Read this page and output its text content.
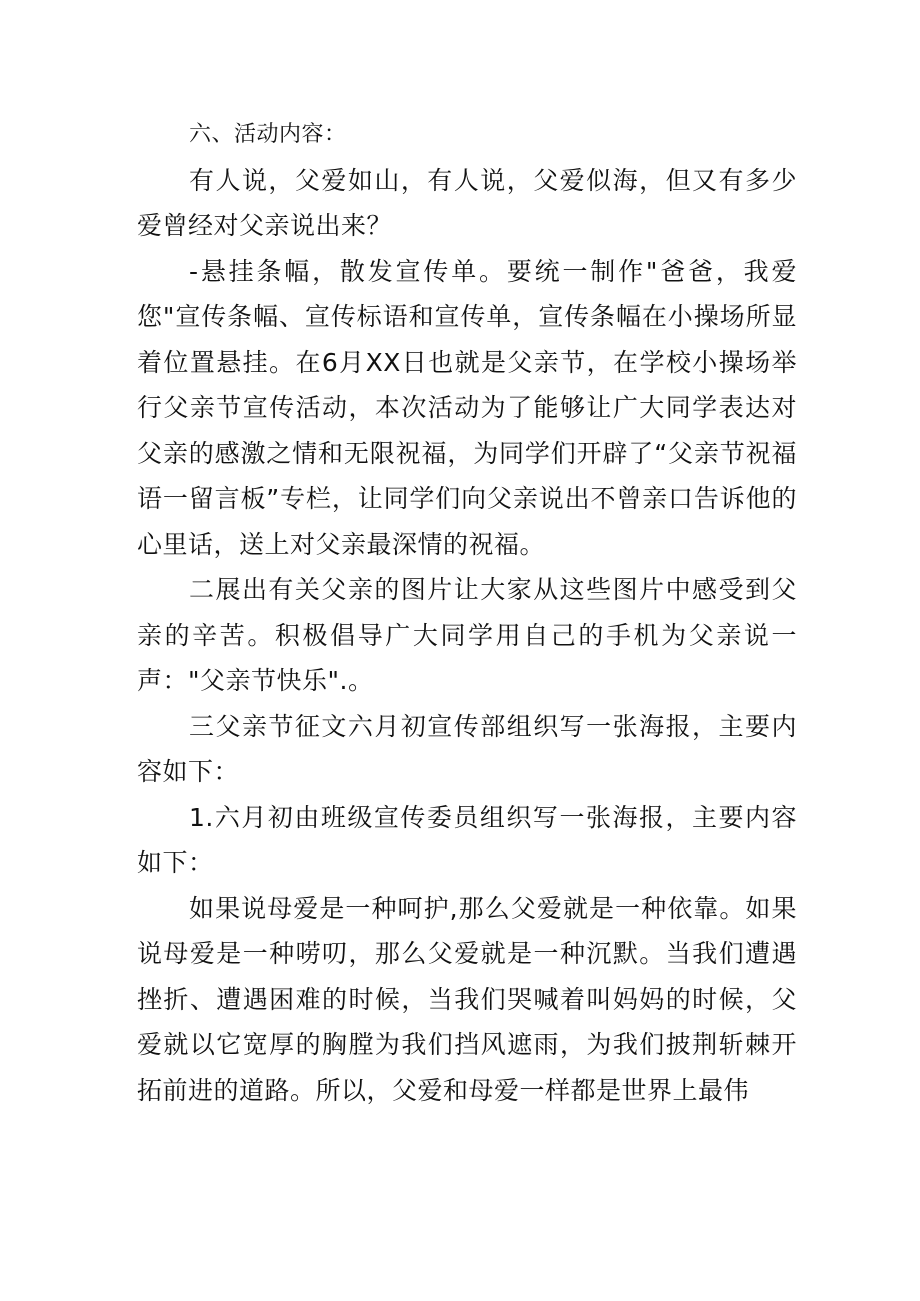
六、活动内容：

有人说，父爱如山，有人说，父爱似海，但又有多少爱曾经对父亲说出来？

-悬挂条幅，散发宣传单。要统一制作"爸爸，我爱您"宣传条幅、宣传标语和宣传单，宣传条幅在小操场所显着位置悬挂。在6月XX日也就是父亲节，在学校小操场举行父亲节宣传活动，本次活动为了能够让广大同学表达对父亲的感激之情和无限祝福，为同学们开辟了“父亲节祝福语一留言板”专栏，让同学们向父亲说出不曾亲口告诉他的心里话，送上对父亲最深情的祝福。

二展出有关父亲的图片让大家从这些图片中感受到父亲的辛苦。积极倡导广大同学用自己的手机为父亲说一声："父亲节快乐".。

三父亲节征文六月初宣传部组织写一张海报，主要内容如下：

1.六月初由班级宣传委员组织写一张海报，主要内容如下：

如果说母爱是一种呵护,那么父爱就是一种依靠。如果说母爱是一种唠叨，那么父爱就是一种沉默。当我们遭遇挫折、遭遇困难的时候，当我们哭喊着叫妈妈的时候，父爱就以它宽厚的胸膛为我们挡风遮雨，为我们披荆斩棘开拓前进的道路。所以，父爱和母爱一样都是世界上最伟
